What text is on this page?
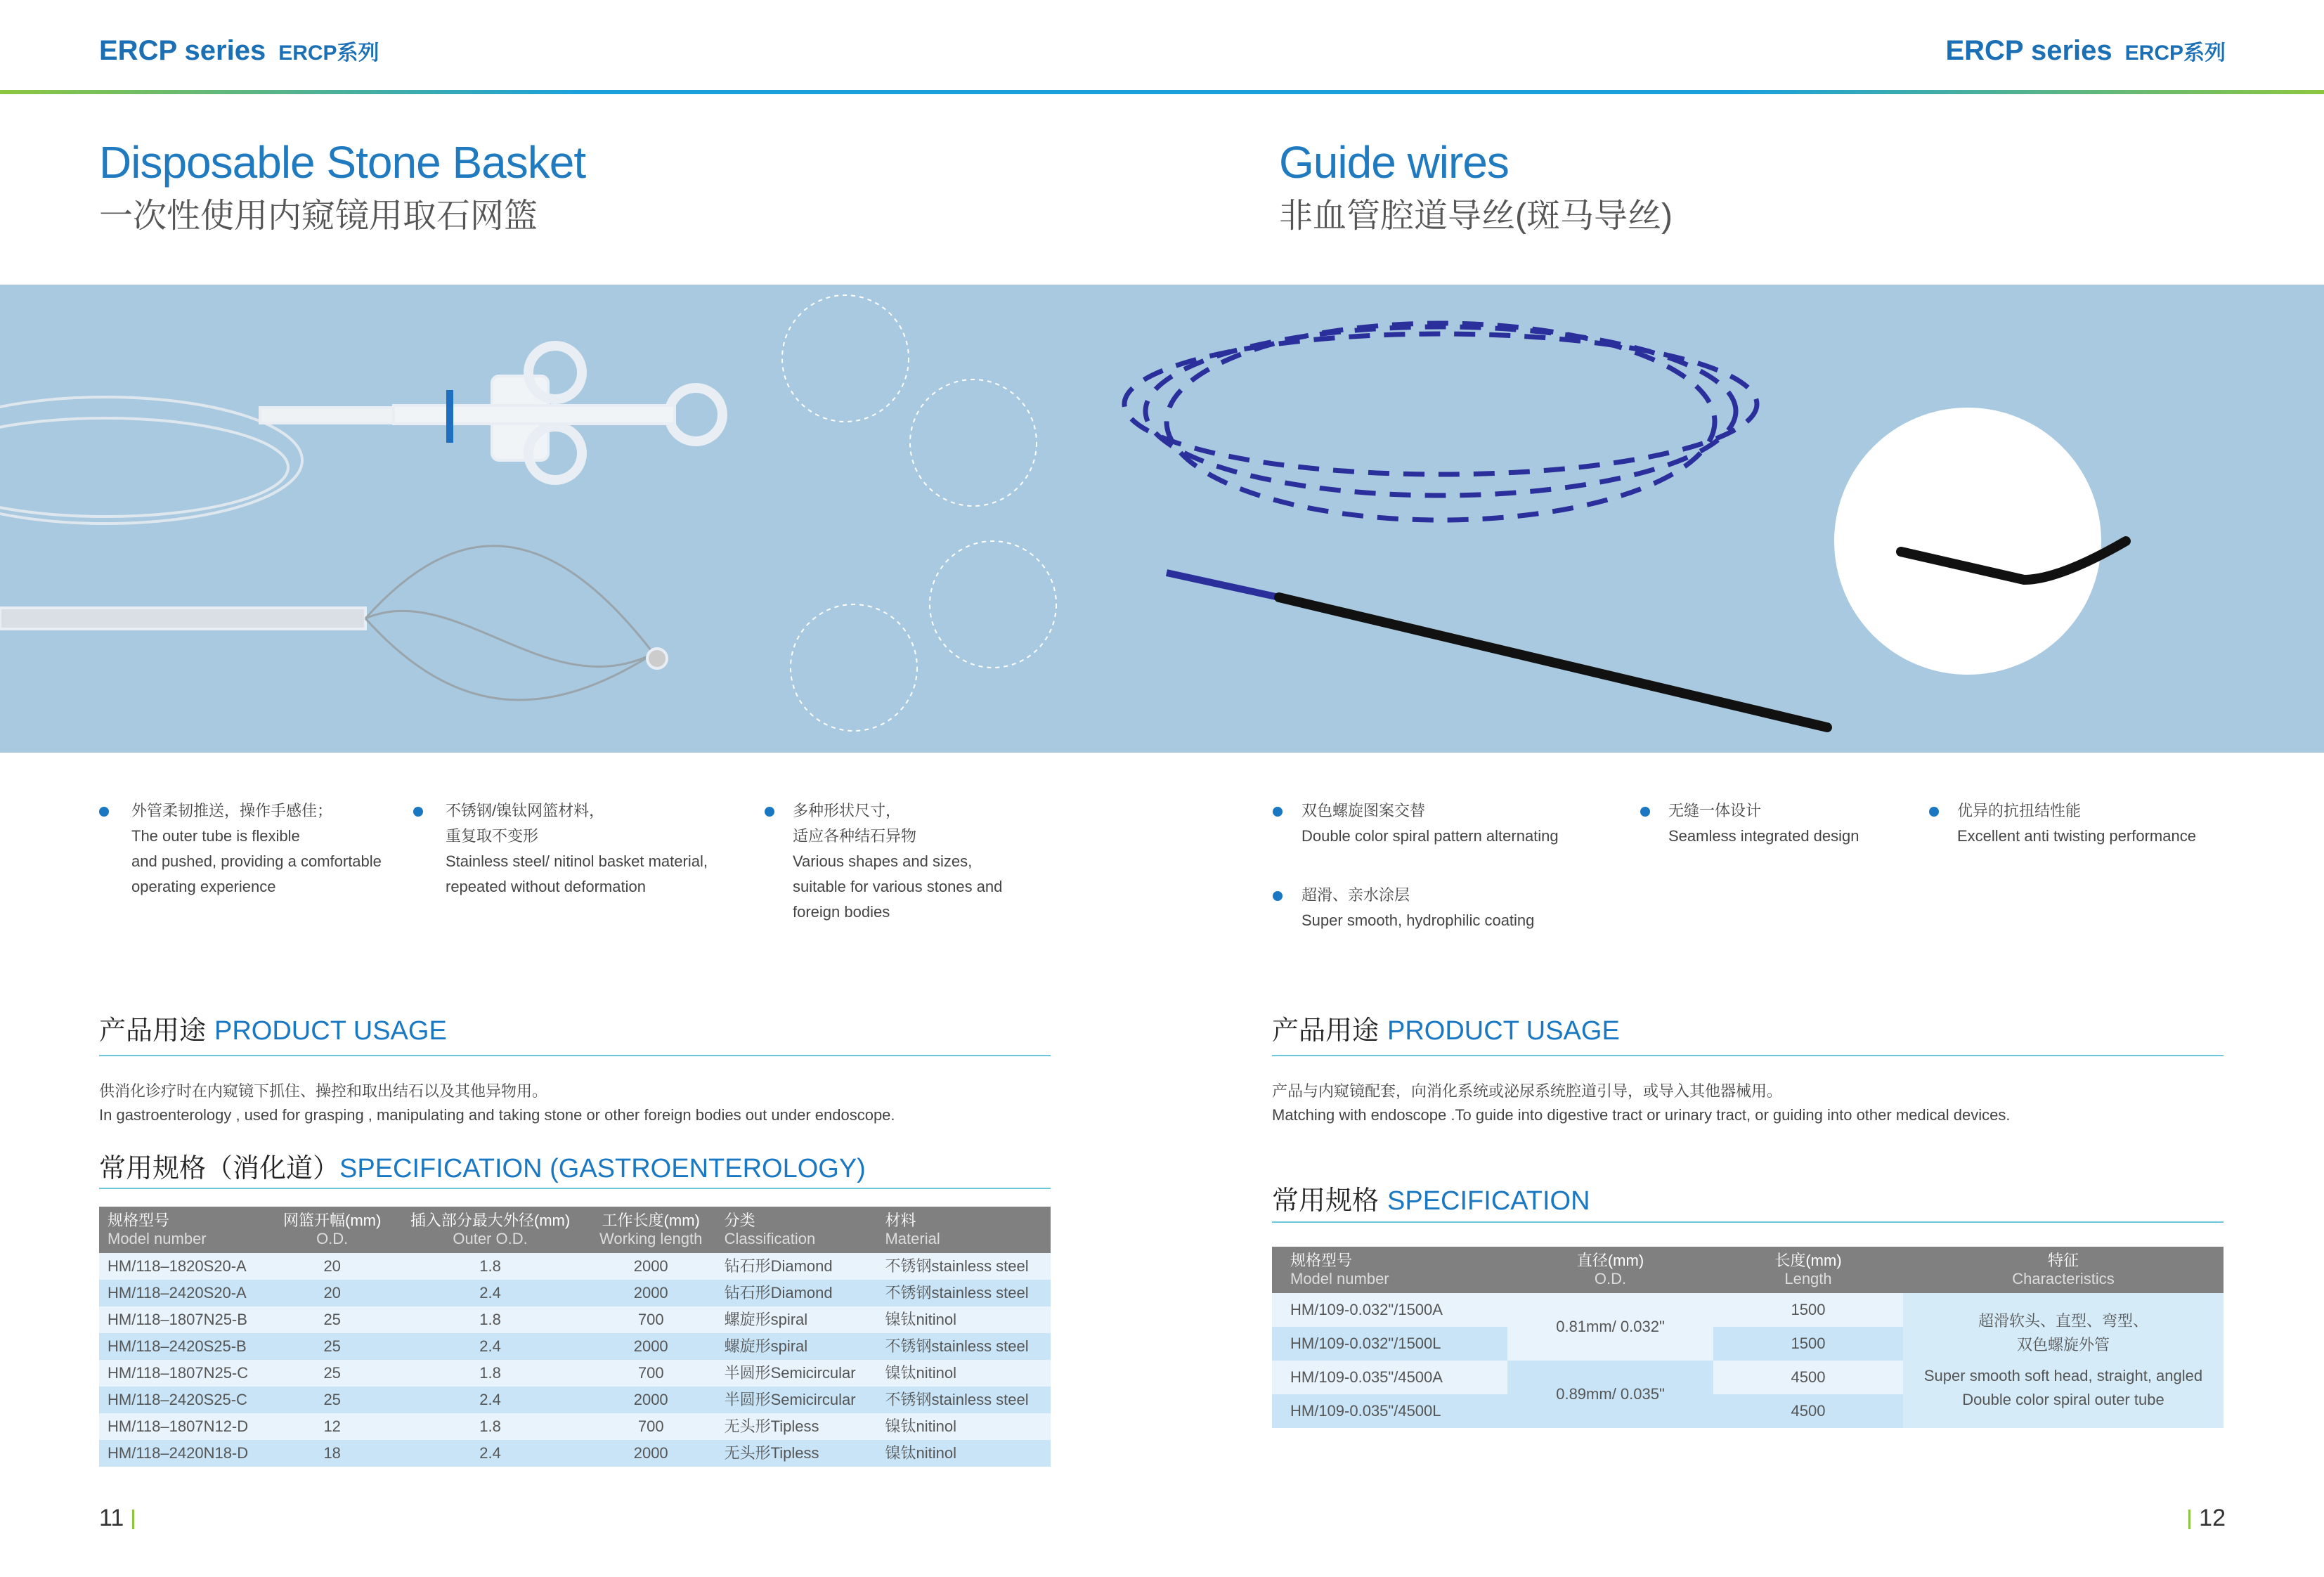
ERCP series ERCP系列	ERCP series ERCP系列
Disposable Stone Basket
一次性使用内窥镜用取石网篮
Guide wires
非血管腔道导丝(斑马导丝)
外管柔韧推送，操作手感佳；
The outer tube is flexible
and pushed, providing a comfortable
operating experience
不锈钢/镍钛网篮材料，
重复取不变形
Stainless steel/ nitinol basket material,
repeated without deformation
多种形状尺寸，
适应各种结石异物
Various shapes and sizes,
suitable for various stones and
foreign bodies
双色螺旋图案交替
Double color spiral pattern alternating
无缝一体设计
Seamless integrated design
优异的抗扭结性能
Excellent anti twisting performance
超滑、亲水涂层
Super smooth, hydrophilic coating
产品用途 PRODUCT USAGE
供消化诊疗时在内窥镜下抓住、操控和取出结石以及其他异物用。
In gastroenterology , used for grasping , manipulating and taking stone or other foreign bodies out under endoscope.
常用规格（消化道）SPECIFICATION (GASTROENTEROLOGY)
规格型号
Model number	网篮开幅(mm)
O.D.	插入部分最大外径(mm)
Outer O.D.	工作长度(mm)
Working length	分类
Classification	材料
Material

HM/118–1820S20-A	20	1.8	2000	钻石形Diamond	不锈钢stainless steel
HM/118–2420S20-A	20	2.4	2000	钻石形Diamond	不锈钢stainless steel
HM/118–1807N25-B	25	1.8	700	螺旋形spiral	镍钛nitinol
HM/118–2420S25-B	25	2.4	2000	螺旋形spiral	不锈钢stainless steel
HM/118–1807N25-C	25	1.8	700	半圆形Semicircular	镍钛nitinol
HM/118–2420S25-C	25	2.4	2000	半圆形Semicircular	不锈钢stainless steel
HM/118–1807N12-D	12	1.8	700	无头形Tipless	镍钛nitinol
HM/118–2420N18-D	18	2.4	2000	无头形Tipless	镍钛nitinol
产品用途 PRODUCT USAGE
产品与内窥镜配套，向消化系统或泌尿系统腔道引导，或导入其他器械用。
Matching with endoscope .To guide into digestive tract or urinary tract, or guiding into other medical devices.
常用规格 SPECIFICATION
规格型号
Model number	直径(mm)
O.D.	长度(mm)
Length	特征
Characteristics

HM/109-0.032"/1500A	0.81mm/ 0.032"	1500	超滑软头、直型、弯型、
双色螺旋外管
Super smooth soft head, straight, angled
Double color spiral outer tube

HM/109-0.032"/1500L		1500	
HM/109-0.035"/4500A	0.89mm/ 0.035"	4500	
HM/109-0.035"/4500L		4500	
11	12
